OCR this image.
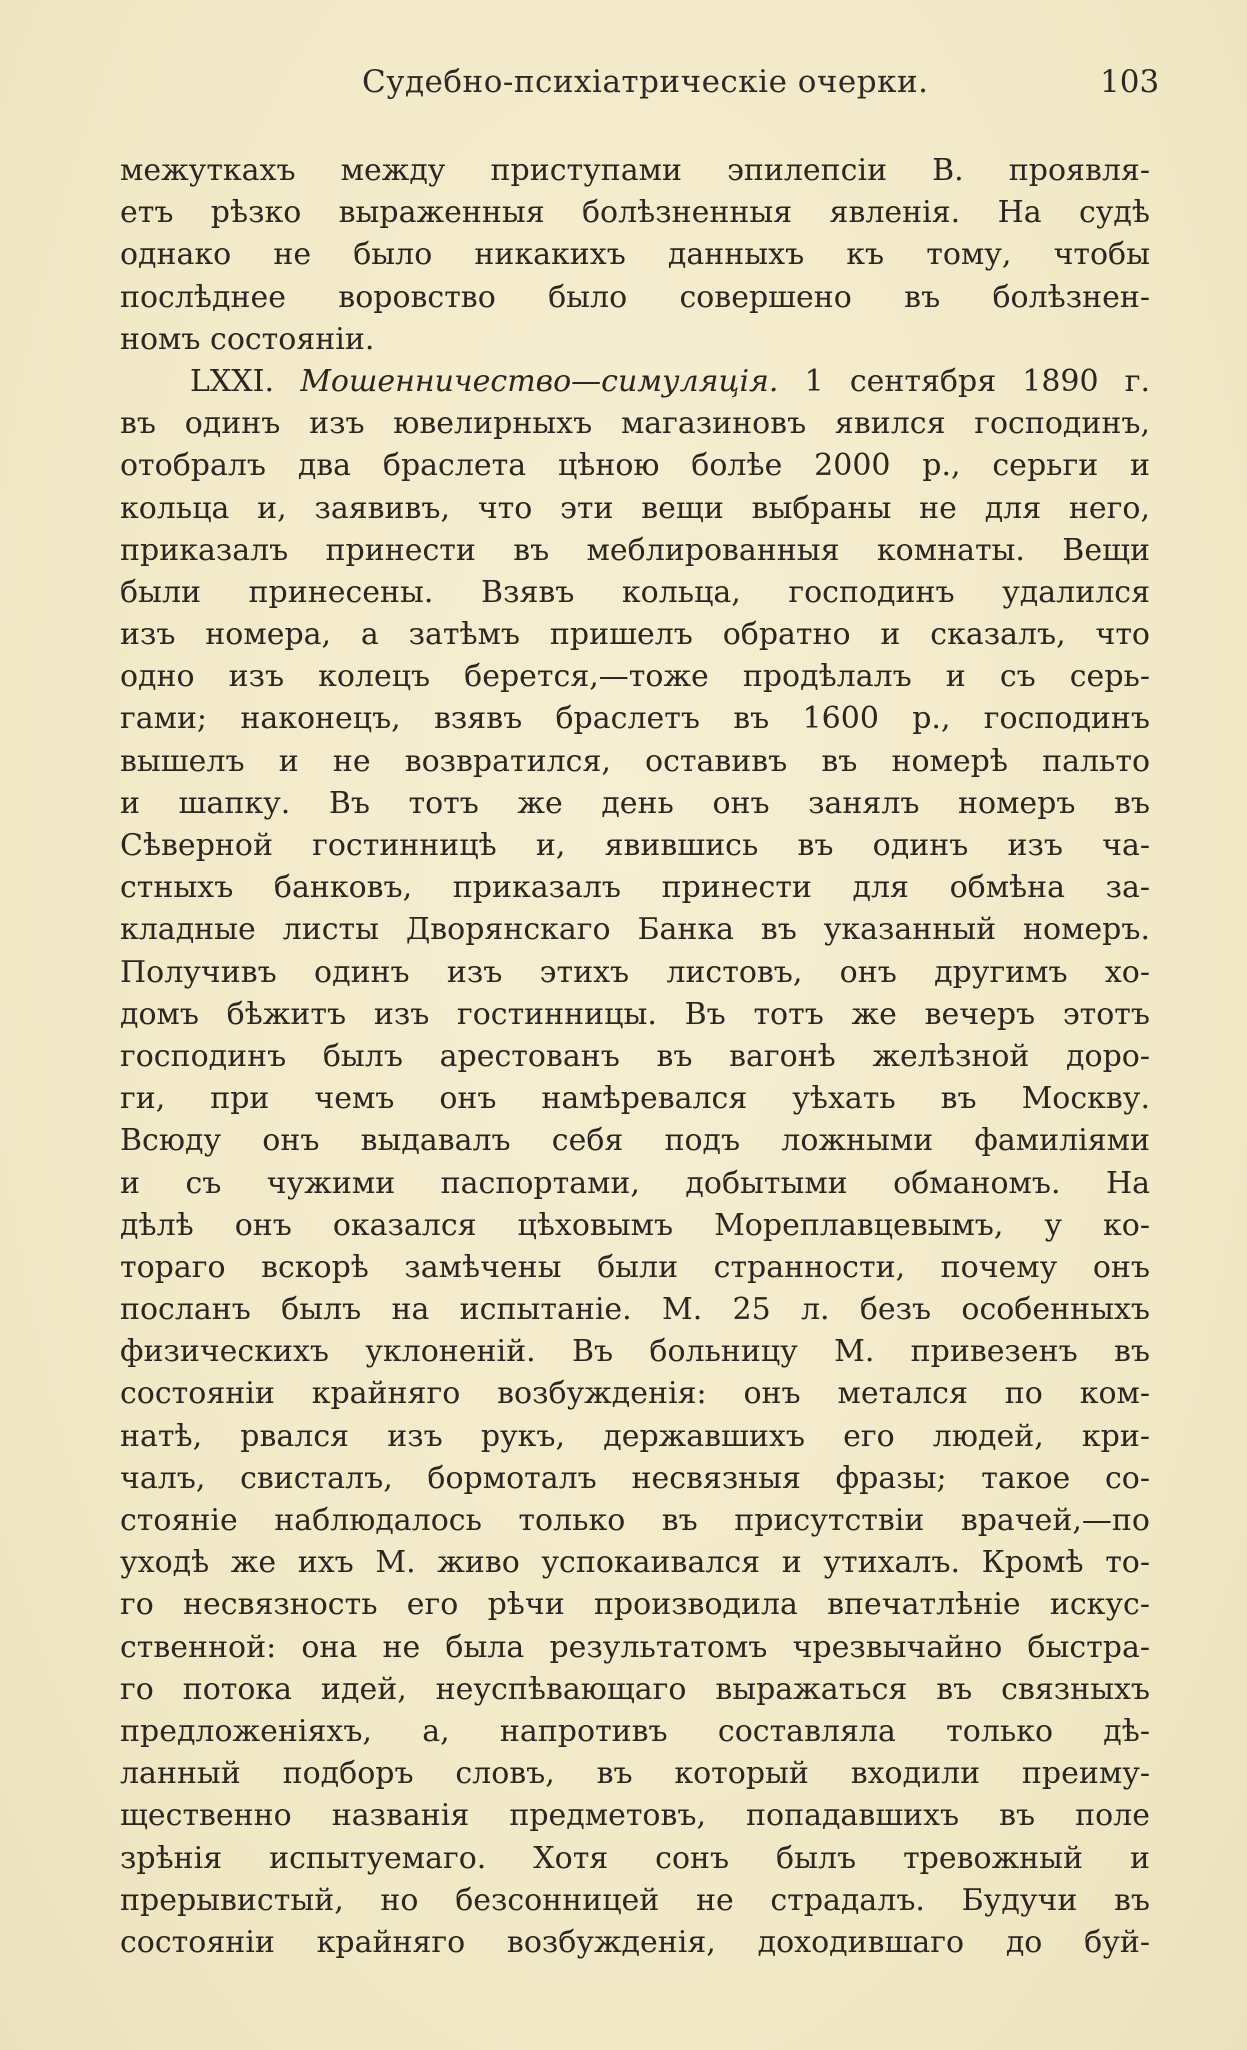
Судебно-психіатрическіе очерки.	103
межуткахъ между приступами эпилепсіи В. проявля-
етъ рѣзко выраженныя болѣзненныя явленія. На судѣ
однако не было никакихъ данныхъ къ тому, чтобы
послѣднее воровство было совершено въ болѣзнен-
номъ состояніи.
LXXI. Мошенничество—симуляція. 1 сентября 1890 г.
въ одинъ изъ ювелирныхъ магазиновъ явился господинъ,
отобралъ два браслета цѣною болѣе 2000 р., серьги и
кольца и, заявивъ, что эти вещи выбраны не для него,
приказалъ принести въ меблированныя комнаты. Вещи
были принесены. Взявъ кольца, господинъ удалился
изъ номера, а затѣмъ пришелъ обратно и сказалъ, что
одно изъ колецъ берется,—тоже продѣлалъ и съ серь-
гами; наконецъ, взявъ браслетъ въ 1600 р., господинъ
вышелъ и не возвратился, оставивъ въ номерѣ пальто
и шапку. Въ тотъ же день онъ занялъ номеръ въ
Сѣверной гостинницѣ и, явившись въ одинъ изъ ча-
стныхъ банковъ, приказалъ принести для обмѣна за-
кладные листы Дворянскаго Банка въ указанный номеръ.
Получивъ одинъ изъ этихъ листовъ, онъ другимъ хо-
домъ бѣжитъ изъ гостинницы. Въ тотъ же вечеръ этотъ
господинъ былъ арестованъ въ вагонѣ желѣзной доро-
ги, при чемъ онъ намѣревался уѣхать въ Москву.
Всюду онъ выдавалъ себя подъ ложными фамиліями
и съ чужими паспортами, добытыми обманомъ. На
дѣлѣ онъ оказался цѣховымъ Мореплавцевымъ, у ко-
тораго вскорѣ замѣчены были странности, почему онъ
посланъ былъ на испытаніе. М. 25 л. безъ особенныхъ
физическихъ уклоненій. Въ больницу М. привезенъ въ
состояніи крайняго возбужденія: онъ метался по ком-
натѣ, рвался изъ рукъ, державшихъ его людей, кри-
чалъ, свисталъ, бормоталъ несвязныя фразы; такое со-
стояніе наблюдалось только въ присутствіи врачей,—по
уходѣ же ихъ М. живо успокаивался и утихалъ. Кромѣ то-
го несвязность его рѣчи производила впечатлѣніе искус-
ственной: она не была результатомъ чрезвычайно быстра-
го потока идей, неуспѣвающаго выражаться въ связныхъ
предложеніяхъ, а, напротивъ составляла только дѣ-
ланный подборъ словъ, въ который входили преиму-
щественно названія предметовъ, попадавшихъ въ поле
зрѣнія испытуемаго. Хотя сонъ былъ тревожный и
прерывистый, но безсонницей не страдалъ. Будучи въ
состояніи крайняго возбужденія, доходившаго до буй-
